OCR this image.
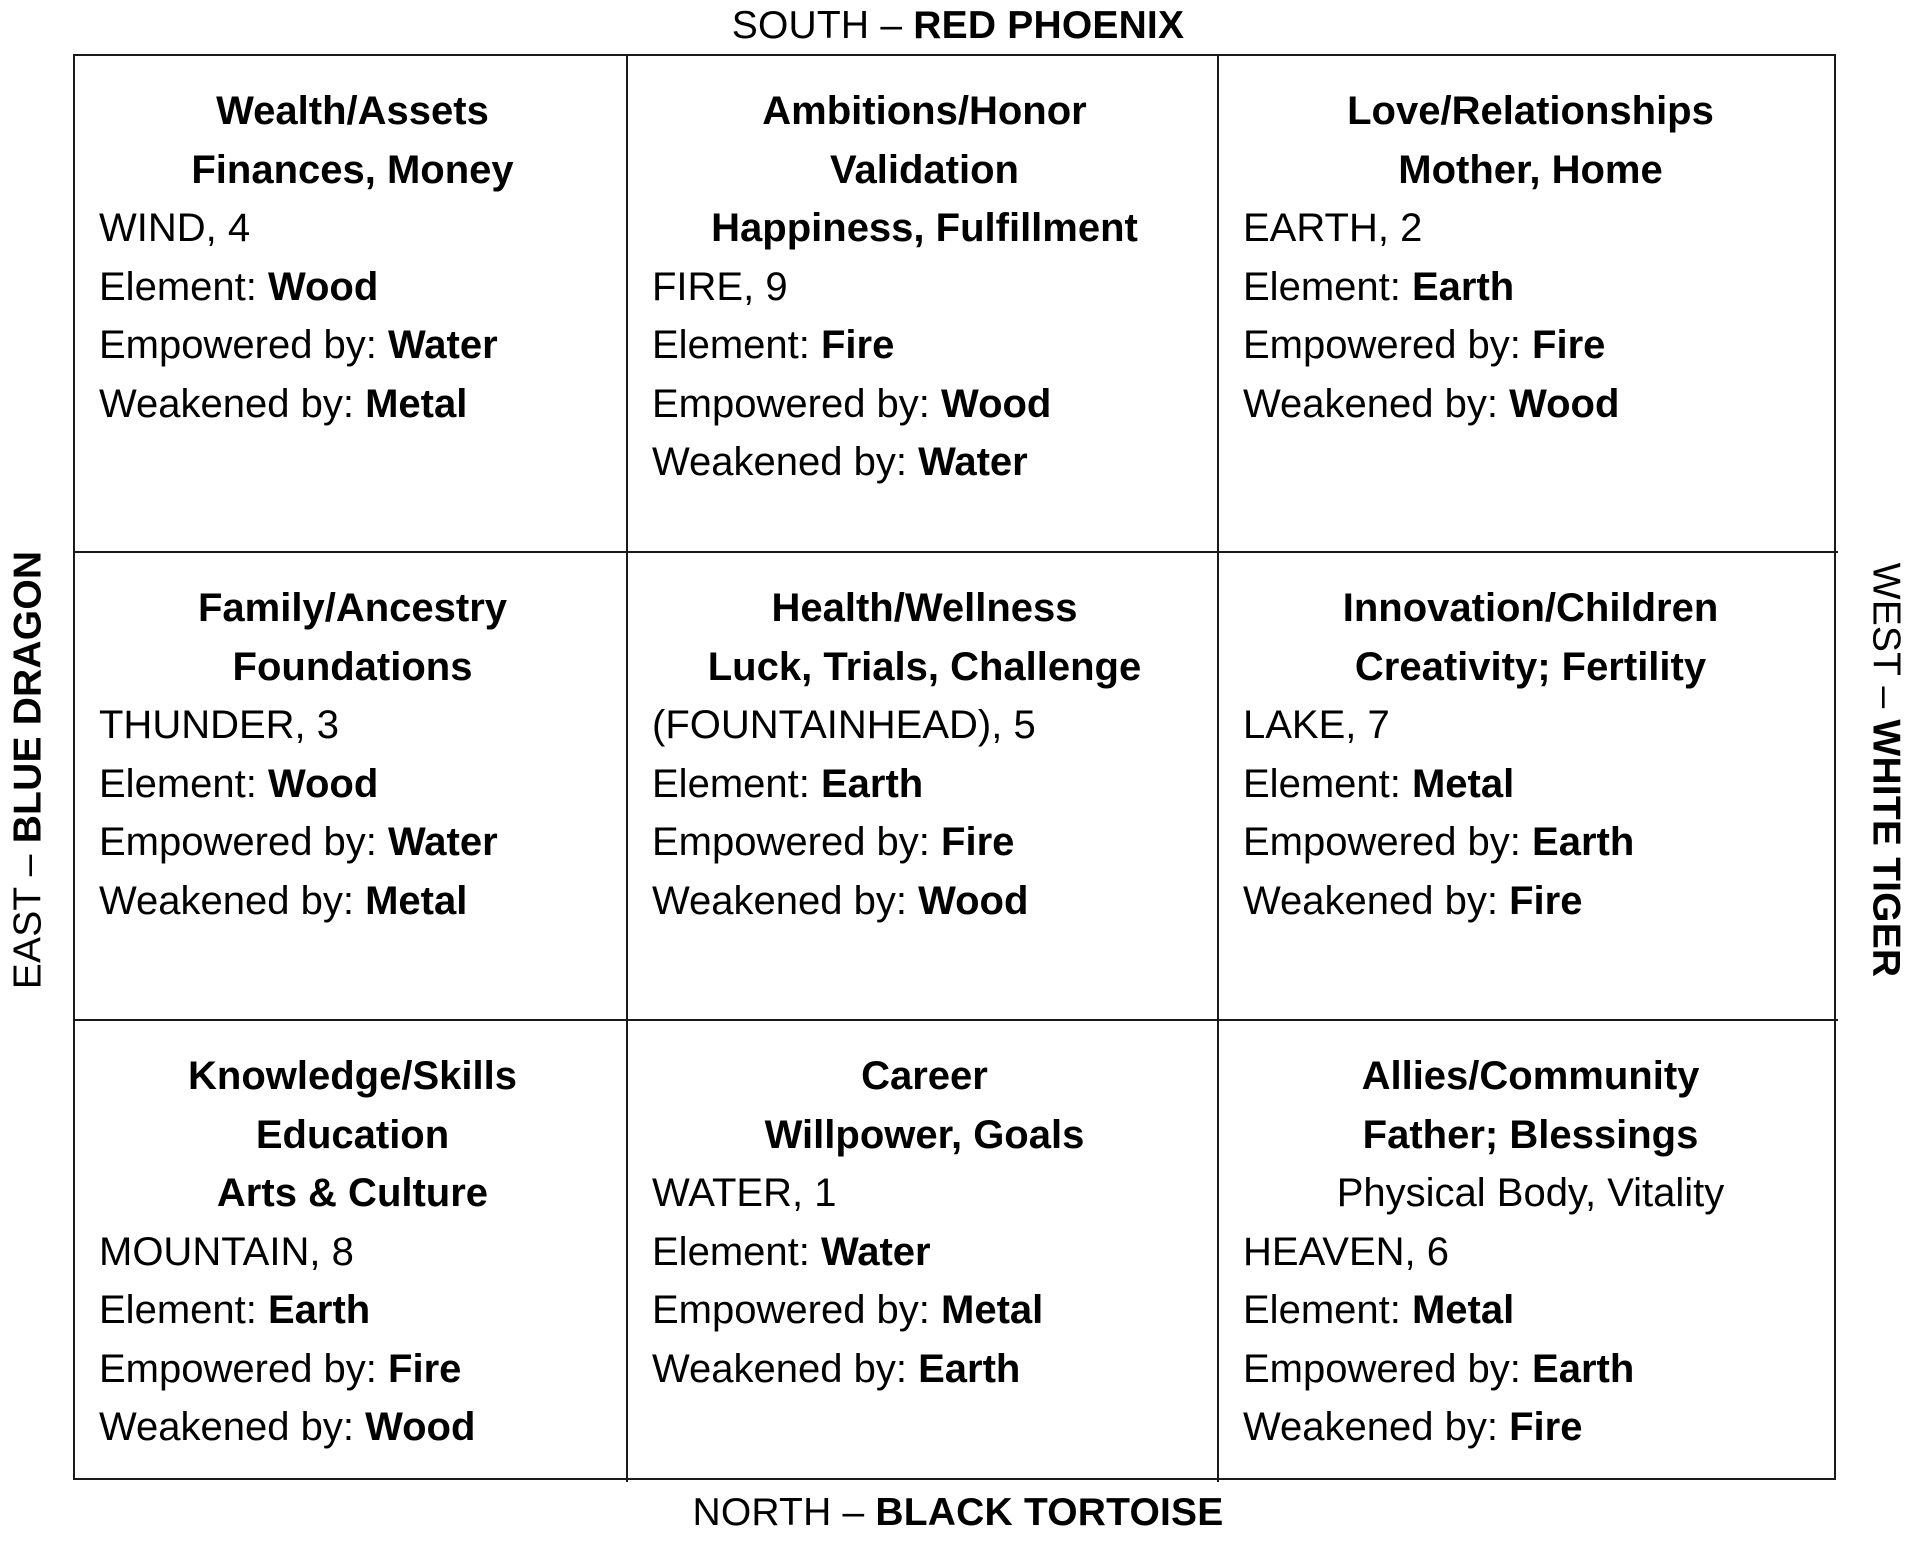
SOUTH – RED PHOENIX
EAST – BLUE DRAGON	WEST – WHITE TIGER
Wealth/Assets
Finances, Money
WIND, 4
Element: Wood
Empowered by: Water
Weakened by: Metal
Ambitions/Honor
Validation
Happiness, Fulfillment
FIRE, 9
Element: Fire
Empowered by: Wood
Weakened by: Water
Love/Relationships
Mother, Home
EARTH, 2
Element: Earth
Empowered by: Fire
Weakened by: Wood
Family/Ancestry
Foundations
THUNDER, 3
Element: Wood
Empowered by: Water
Weakened by: Metal
Health/Wellness
Luck, Trials, Challenge
(FOUNTAINHEAD), 5
Element: Earth
Empowered by: Fire
Weakened by: Wood
Innovation/Children
Creativity; Fertility
LAKE, 7
Element: Metal
Empowered by: Earth
Weakened by: Fire
Knowledge/Skills
Education
Arts & Culture
MOUNTAIN, 8
Element: Earth
Empowered by: Fire
Weakened by: Wood
Career
Willpower, Goals
WATER, 1
Element: Water
Empowered by: Metal
Weakened by: Earth
Allies/Community
Father; Blessings
Physical Body, Vitality
HEAVEN, 6
Element: Metal
Empowered by: Earth
Weakened by: Fire
NORTH – BLACK TORTOISE
